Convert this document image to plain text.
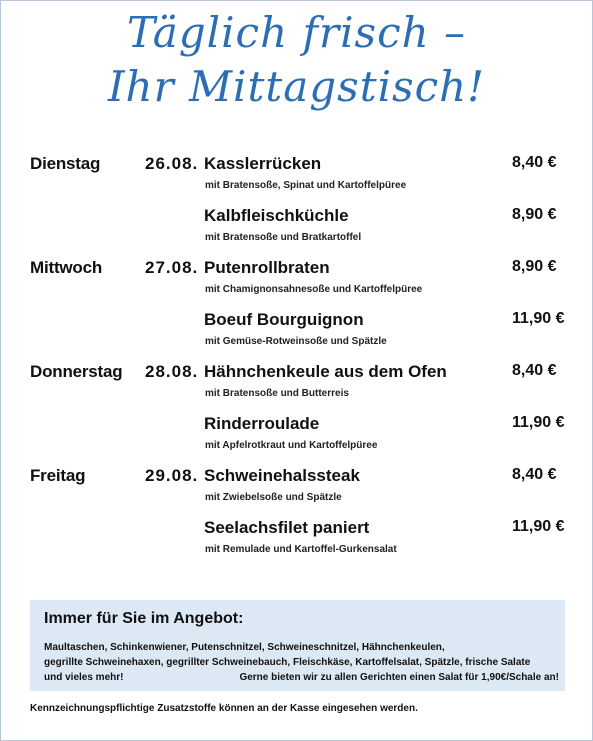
Täglich frisch –
Ihr Mittagstisch!
Dienstag	26.08. Kasslerrücken
mit Bratensoße, Spinat und Kartoffelpüree
8,40 €
Kalbfleischküchle
mit Bratensoße und Bratkartoffel
8,90 €
Mittwoch	27.08. Putenrollbraten
mit Chamignonsahnesoße und Kartoffelpüree
8,90 €
Boeuf Bourguignon
mit Gemüse-Rotweinsoße und Spätzle
11,90 €
Donnerstag 28.08. Hähnchenkeule aus dem Ofen
mit Bratensoße und Butterreis
8,40 €
Rinderroulade
mit Apfelrotkraut und Kartoffelpüree
11,90 €
Freitag	29.08. Schweinehalssteak
mit Zwiebelsoße und Spätzle
8,40 €
Seelachsfilet paniert
mit Remulade und Kartoffel-Gurkensalat
11,90 €
Immer für Sie im Angebot:
Maultaschen, Schinkenwiener, Putenschnitzel, Schweineschnitzel, Hähnchenkeulen,
gegrillte Schweinehaxen, gegrillter Schweinebauch, Fleischkäse, Kartoffelsalat, Spätzle, frische Salate
und vieles mehr!	Gerne bieten wir zu allen Gerichten einen Salat für 1,90€/Schale an!
Kennzeichnungspflichtige Zusatzstoffe können an der Kasse eingesehen werden.
